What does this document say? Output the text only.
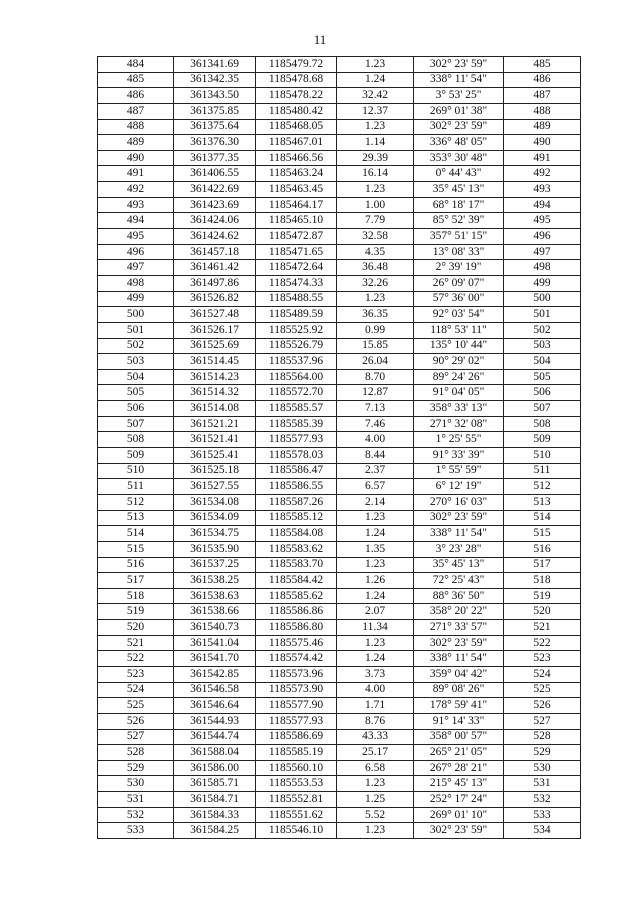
11
484	361341.69	1185479.72	1.23	302° 23' 59"	485
485	361342.35	1185478.68	1.24	338° 11' 54"	486
486	361343.50	1185478.22	32.42	3° 53' 25"	487
487	361375.85	1185480.42	12.37	269° 01' 38"	488
488	361375.64	1185468.05	1.23	302° 23' 59"	489
489	361376.30	1185467.01	1.14	336° 48' 05"	490
490	361377.35	1185466.56	29.39	353° 30' 48"	491
491	361406.55	1185463.24	16.14	0° 44' 43"	492
492	361422.69	1185463.45	1.23	35° 45' 13"	493
493	361423.69	1185464.17	1.00	68° 18' 17"	494
494	361424.06	1185465.10	7.79	85° 52' 39"	495
495	361424.62	1185472.87	32.58	357° 51' 15"	496
496	361457.18	1185471.65	4.35	13° 08' 33"	497
497	361461.42	1185472.64	36.48	2° 39' 19"	498
498	361497.86	1185474.33	32.26	26° 09' 07"	499
499	361526.82	1185488.55	1.23	57° 36' 00"	500
500	361527.48	1185489.59	36.35	92° 03' 54"	501
501	361526.17	1185525.92	0.99	118° 53' 11"	502
502	361525.69	1185526.79	15.85	135° 10' 44"	503
503	361514.45	1185537.96	26.04	90° 29' 02"	504
504	361514.23	1185564.00	8.70	89° 24' 26"	505
505	361514.32	1185572.70	12.87	91° 04' 05"	506
506	361514.08	1185585.57	7.13	358° 33' 13"	507
507	361521.21	1185585.39	7.46	271° 32' 08"	508
508	361521.41	1185577.93	4.00	1° 25' 55"	509
509	361525.41	1185578.03	8.44	91° 33' 39"	510
510	361525.18	1185586.47	2.37	1° 55' 59"	511
511	361527.55	1185586.55	6.57	6° 12' 19"	512
512	361534.08	1185587.26	2.14	270° 16' 03"	513
513	361534.09	1185585.12	1.23	302° 23' 59"	514
514	361534.75	1185584.08	1.24	338° 11' 54"	515
515	361535.90	1185583.62	1.35	3° 23' 28"	516
516	361537.25	1185583.70	1.23	35° 45' 13"	517
517	361538.25	1185584.42	1.26	72° 25' 43"	518
518	361538.63	1185585.62	1.24	88° 36' 50"	519
519	361538.66	1185586.86	2.07	358° 20' 22"	520
520	361540.73	1185586.80	11.34	271° 33' 57"	521
521	361541.04	1185575.46	1.23	302° 23' 59"	522
522	361541.70	1185574.42	1.24	338° 11' 54"	523
523	361542.85	1185573.96	3.73	359° 04' 42"	524
524	361546.58	1185573.90	4.00	89° 08' 26"	525
525	361546.64	1185577.90	1.71	178° 59' 41"	526
526	361544.93	1185577.93	8.76	91° 14' 33"	527
527	361544.74	1185586.69	43.33	358° 00' 57"	528
528	361588.04	1185585.19	25.17	265° 21' 05"	529
529	361586.00	1185560.10	6.58	267° 28' 21"	530
530	361585.71	1185553.53	1.23	215° 45' 13"	531
531	361584.71	1185552.81	1.25	252° 17' 24"	532
532	361584.33	1185551.62	5.52	269° 01' 10"	533
533	361584.25	1185546.10	1.23	302° 23' 59"	534
